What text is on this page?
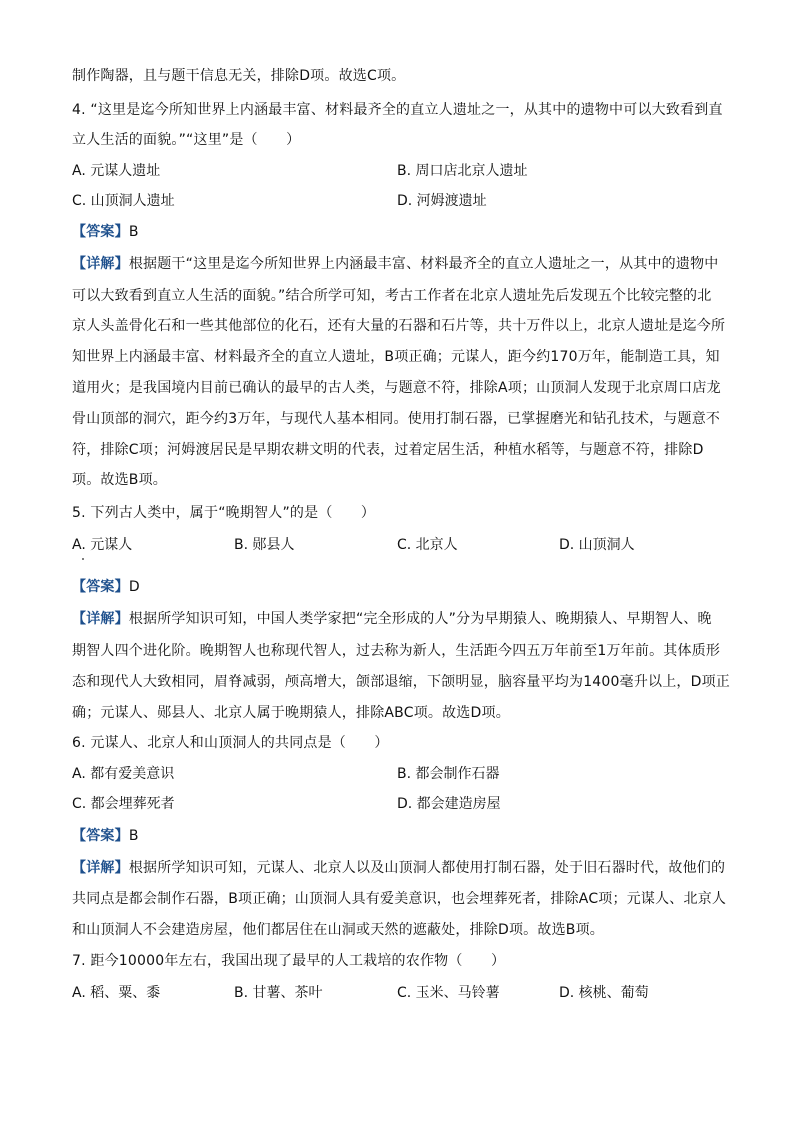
制作陶器，且与题干信息无关，排除D项。故选C项。
4. “这里是迄今所知世界上内涵最丰富、材料最齐全的直立人遗址之一，从其中的遗物中可以大致看到直
立人生活的面貌。”“这里”是（　　）
A. 元谋人遗址	B. 周口店北京人遗址
C. 山顶洞人遗址	D. 河姆渡遗址
【答案】B
【详解】根据题干“这里是迄今所知世界上内涵最丰富、材料最齐全的直立人遗址之一，从其中的遗物中
可以大致看到直立人生活的面貌。”结合所学可知，考古工作者在北京人遗址先后发现五个比较完整的北
京人头盖骨化石和一些其他部位的化石，还有大量的石器和石片等，共十万件以上，北京人遗址是迄今所
知世界上内涵最丰富、材料最齐全的直立人遗址，B项正确；元谋人，距今约170万年，能制造工具，知
道用火；是我国境内目前已确认的最早的古人类，与题意不符，排除A项；山顶洞人发现于北京周口店龙
骨山顶部的洞穴，距今约3万年，与现代人基本相同。使用打制石器，已掌握磨光和钻孔技术，与题意不
符，排除C项；河姆渡居民是早期农耕文明的代表，过着定居生活，种植水稻等，与题意不符，排除D
项。故选B项。
5. 下列古人类中，属于“晚期智人”的是（　　）
A. 元谋人	B. 郧县人	C. 北京人	D. 山顶洞人
【答案】D
【详解】根据所学知识可知，中国人类学家把“完全形成的人”分为早期猿人、晚期猿人、早期智人、晚
期智人四个进化阶。晚期智人也称现代智人，过去称为新人，生活距今四五万年前至1万年前。其体质形
态和现代人大致相同，眉脊减弱，颅高增大，颌部退缩，下颌明显，脑容量平均为1400毫升以上，D项正
确；元谋人、郧县人、北京人属于晚期猿人，排除ABC项。故选D项。
6. 元谋人、北京人和山顶洞人的共同点是（　　）
A. 都有爱美意识	B. 都会制作石器
C. 都会埋葬死者	D. 都会建造房屋
【答案】B
【详解】根据所学知识可知，元谋人、北京人以及山顶洞人都使用打制石器，处于旧石器时代，故他们的
共同点是都会制作石器，B项正确；山顶洞人具有爱美意识，也会埋葬死者，排除AC项；元谋人、北京人
和山顶洞人不会建造房屋，他们都居住在山洞或天然的遮蔽处，排除D项。故选B项。
7. 距今10000年左右，我国出现了最早的人工栽培的农作物（　　）
A. 稻、粟、黍	B. 甘薯、茶叶	C. 玉米、马铃薯	D. 核桃、葡萄
